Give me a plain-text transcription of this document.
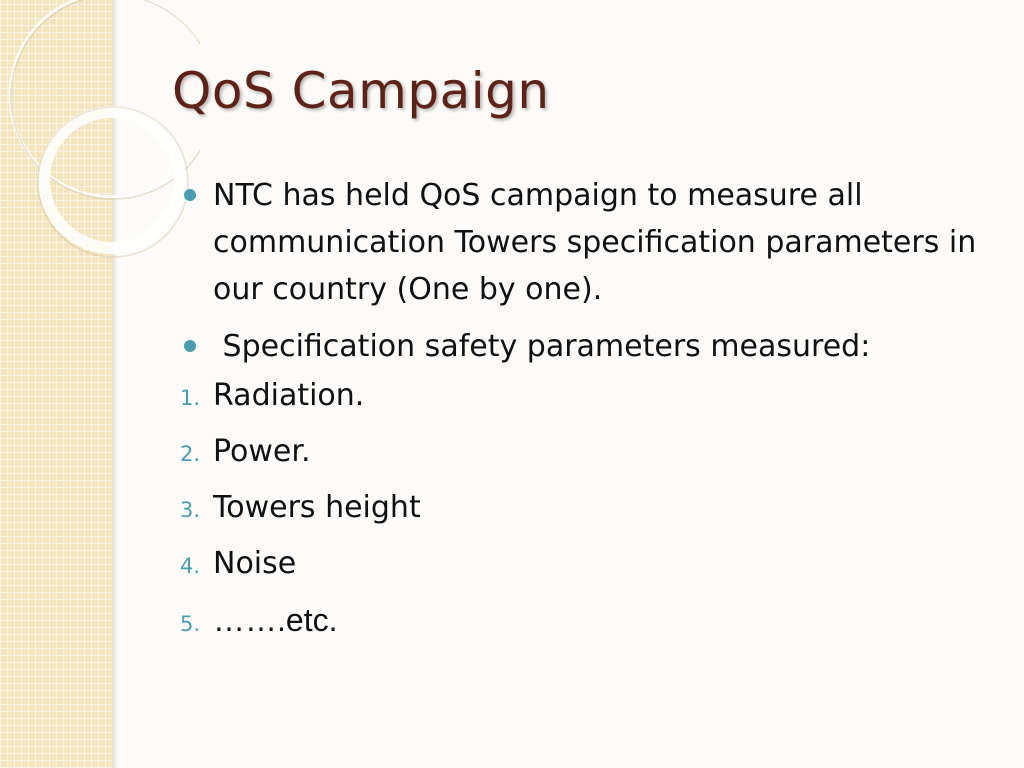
QoS Campaign
NTC has held QoS campaign to measure all communication Towers specification parameters in our country (One by one).
Specification safety parameters measured:
1. Radiation.
2. Power.
3. Towers height
4. Noise
5. …….etc.
